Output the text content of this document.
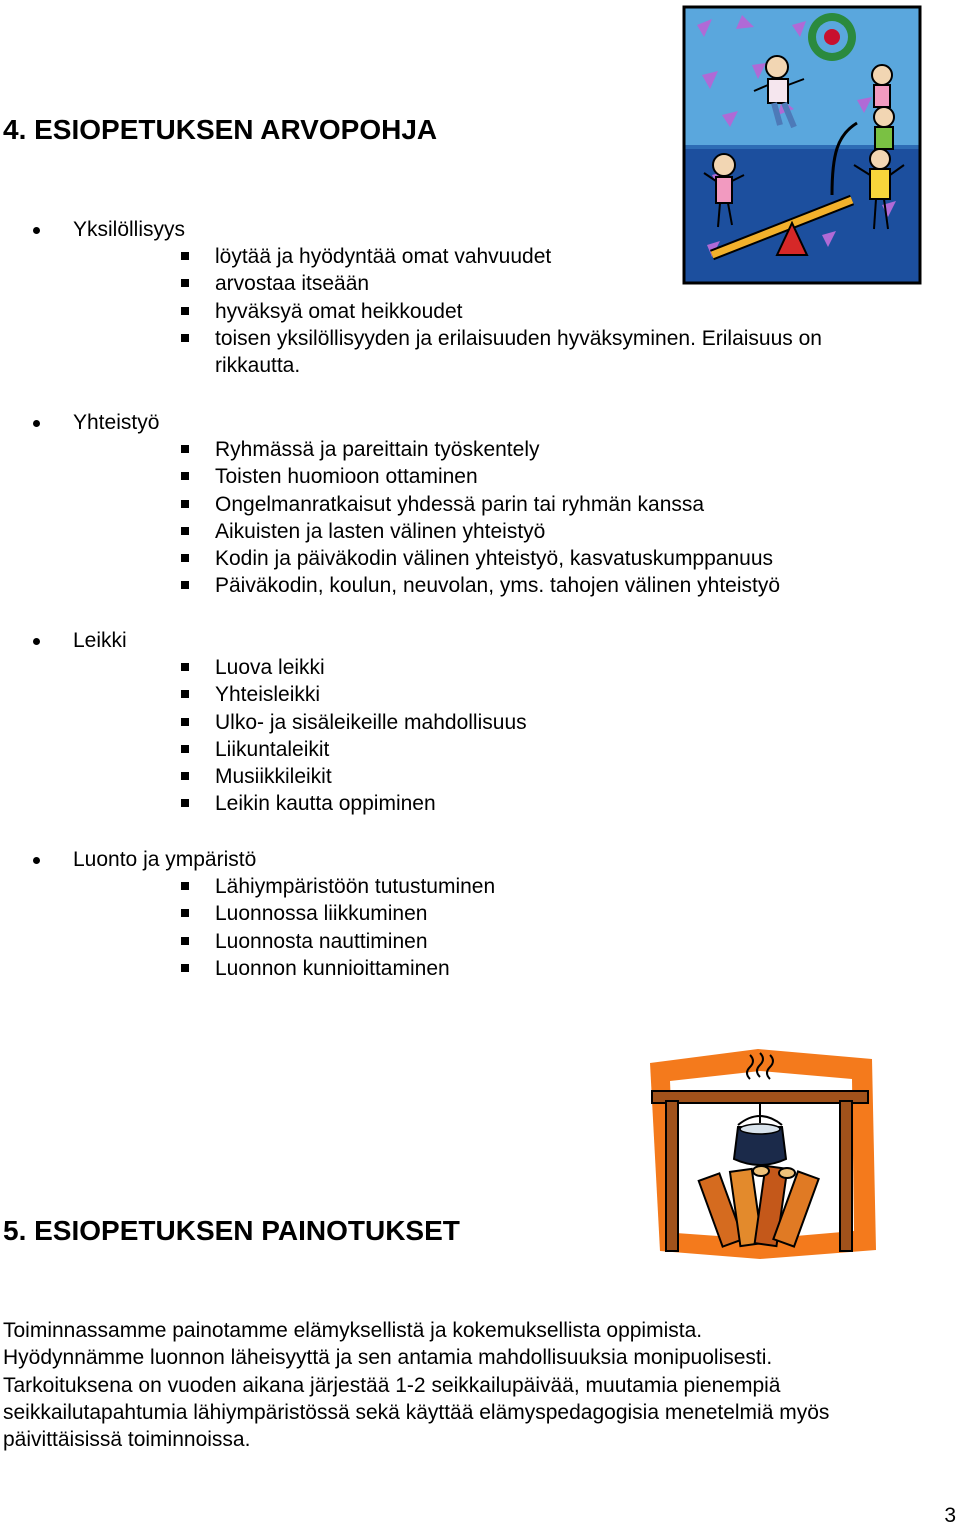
4. ESIOPETUKSEN ARVOPOHJA
Yksilöllisyys
löytää ja hyödyntää omat vahvuudet
arvostaa itseään
hyväksyä omat heikkoudet
toisen yksilöllisyyden ja erilaisuuden hyväksyminen. Erilaisuus on
rikkautta.
Yhteistyö
Ryhmässä ja pareittain työskentely
Toisten huomioon ottaminen
Ongelmanratkaisut yhdessä parin tai ryhmän kanssa
Aikuisten ja lasten välinen yhteistyö
Kodin ja päiväkodin välinen yhteistyö, kasvatuskumppanuus
Päiväkodin, koulun, neuvolan, yms. tahojen välinen yhteistyö
Leikki
Luova leikki
Yhteisleikki
Ulko- ja sisäleikeille mahdollisuus
Liikuntaleikit
Musiikkileikit
Leikin kautta oppiminen
Luonto ja ympäristö
Lähiympäristöön tutustuminen
Luonnossa liikkuminen
Luonnosta nauttiminen
Luonnon kunnioittaminen
5. ESIOPETUKSEN PAINOTUKSET

Toiminnassamme painotamme elämyksellistä ja kokemuksellista oppimista.
Hyödynnämme luonnon läheisyyttä ja sen antamia mahdollisuuksia monipuolisesti.
Tarkoituksena on vuoden aikana järjestää 1-2 seikkailupäivää, muutamia pienempiä
seikkailutapahtumia lähiympäristössä sekä käyttää elämyspedagogisia menetelmiä myös
päivittäisissä toiminnoissa.

3
